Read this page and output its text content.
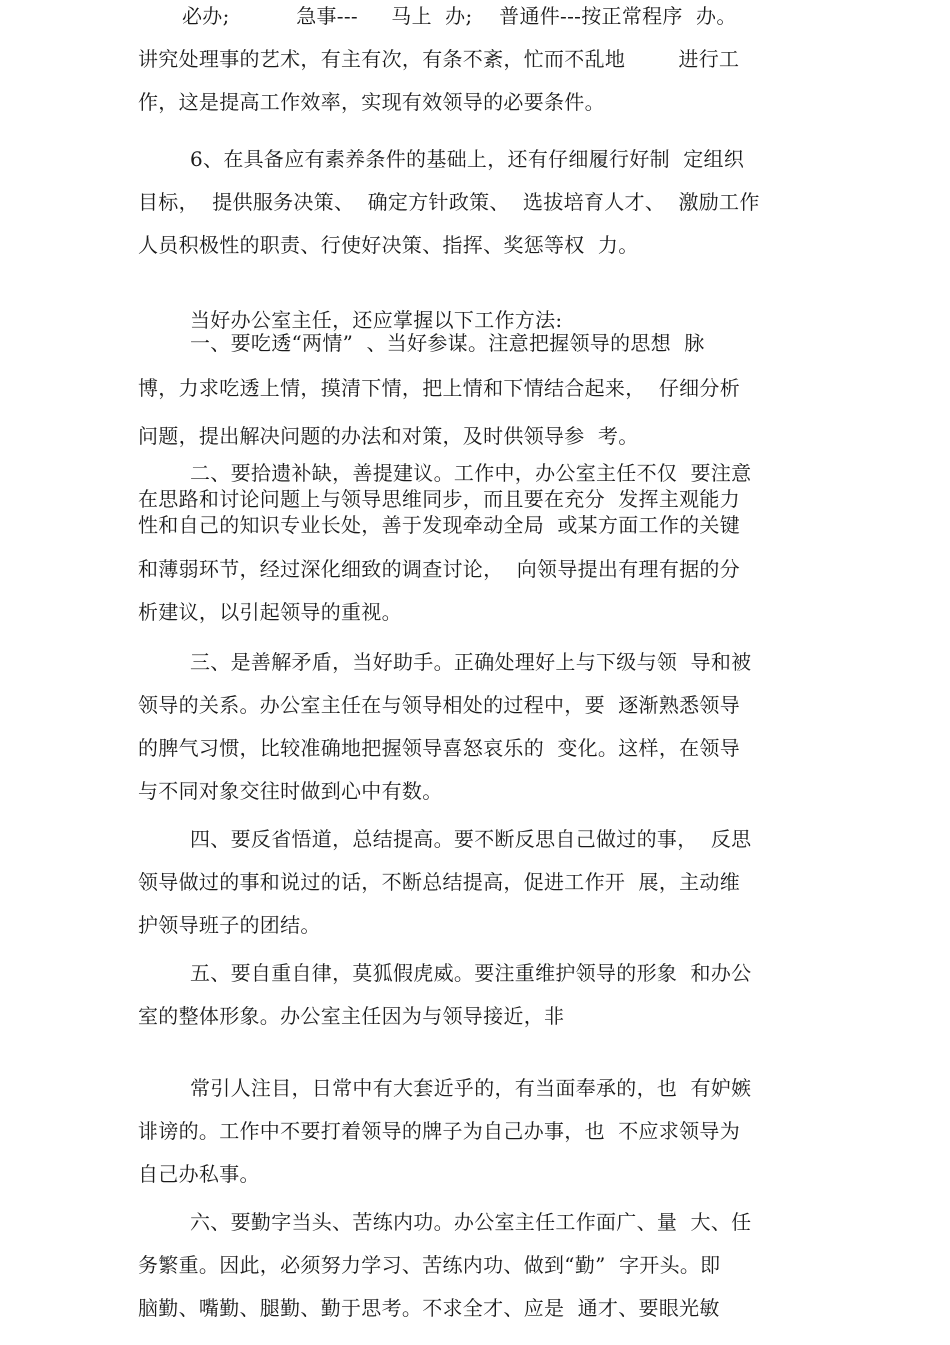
必办;          急事---     马上  办;    普通件---按正常程序  办。
讲究处理事的艺术，有主有次，有条不紊，忙而不乱地        进行工
作，这是提高工作效率，实现有效领导的必要条件。
6、在具备应有素养条件的基础上，还有仔细履行好制  定组织
目标，  提供服务决策、  确定方针政策、  选拔培育人才、  激励工作
人员积极性的职责、行使好决策、指挥、奖惩等权  力。
当好办公室主任，还应掌握以下工作方法:
一、要吃透“两情”  、当好参谋。注意把握领导的思想  脉
博，力求吃透上情，摸清下情，把上情和下情结合起来，  仔细分析
问题，提出解决问题的办法和对策，及时供领导参  考。
二、要拾遗补缺，善提建议。工作中，办公室主任不仅  要注意
在思路和讨论问题上与领导思维同步，而且要在充分  发挥主观能力
性和自己的知识专业长处，善于发现牵动全局  或某方面工作的关键
和薄弱环节，经过深化细致的调查讨论，  向领导提出有理有据的分
析建议，以引起领导的重视。
三、是善解矛盾，当好助手。正确处理好上与下级与领  导和被
领导的关系。办公室主任在与领导相处的过程中，要  逐渐熟悉领导
的脾气习惯，比较准确地把握领导喜怒哀乐的  变化。这样，在领导
与不同对象交往时做到心中有数。
四、要反省悟道，总结提高。要不断反思自己做过的事，  反思
领导做过的事和说过的话，不断总结提高，促进工作开  展，主动维
护领导班子的团结。
五、要自重自律，莫狐假虎威。要注重维护领导的形象  和办公
室的整体形象。办公室主任因为与领导接近，非
常引人注目，日常中有大套近乎的，有当面奉承的，也  有妒嫉
诽谤的。工作中不要打着领导的牌子为自己办事，也  不应求领导为
自己办私事。
六、要勤字当头、苦练内功。办公室主任工作面广、量  大、任
务繁重。因此，必须努力学习、苦练内功、做到“勤”  字开头。即
脑勤、嘴勤、腿勤、勤于思考。不求全才、应是  通才、要眼光敏
